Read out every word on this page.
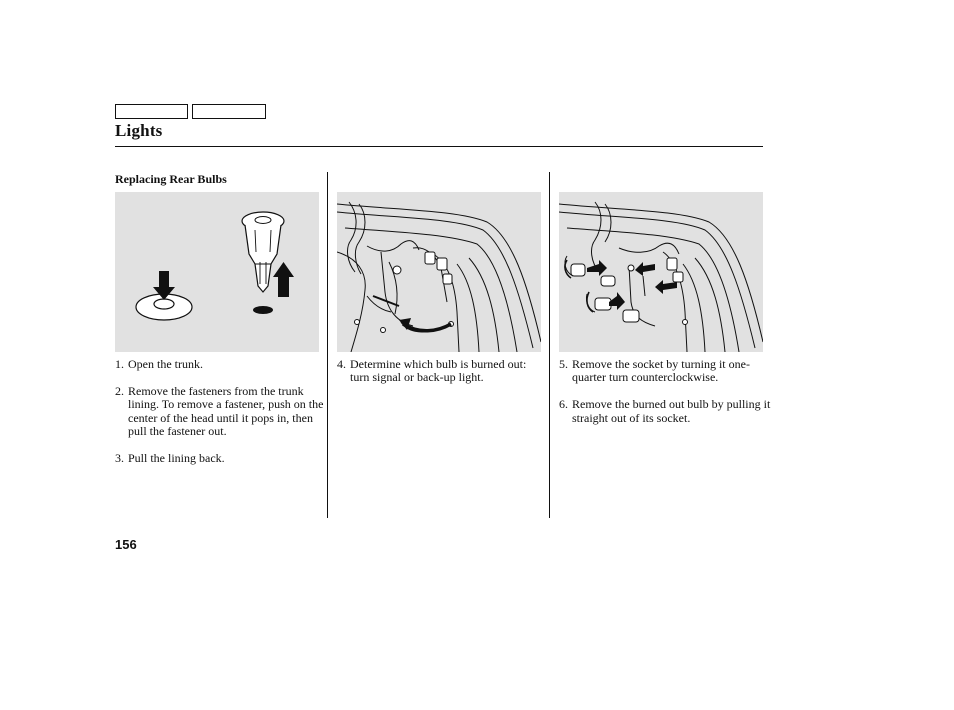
Lights
Replacing Rear Bulbs
1. Open the trunk.
2. Remove the fasteners from the trunk lining. To remove a fastener, push on the center of the head until it pops in, then pull the fastener out.
3. Pull the lining back.
4. Determine which bulb is burned out: turn signal or back-up light.
5. Remove the socket by turning it one-quarter turn counterclockwise.
6. Remove the burned out bulb by pulling it straight out of its socket.
156
